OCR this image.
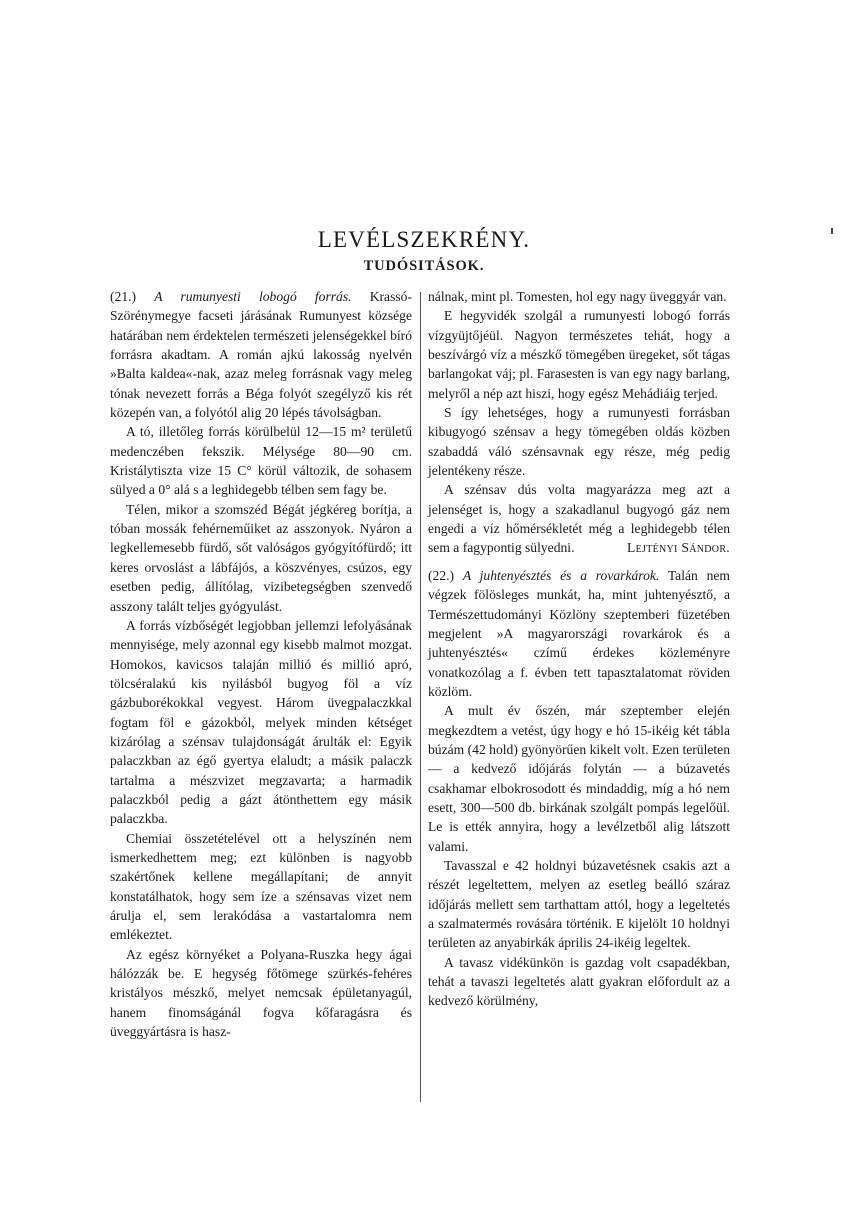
LEVÉLSZEKRÉNY.
TUDÓSITÁSOK.

(21.) A rumunyesti lobogó forrás. Krassó-Szörénymegye facseti járásának Rumunyest községe határában nem érdektelen természeti jelenségekkel bíró forrásra akadtam. A román ajkú lakosság nyelvén »Balta kaldea«-nak, azaz meleg forrásnak vagy meleg tónak nevezett forrás a Béga folyót szegélyző kis rét közepén van, a folyótól alig 20 lépés távolságban.

A tó, illetőleg forrás körülbelül 12—15 m² területű medenczében fekszik. Mélysége 80—90 cm. Kristálytiszta vize 15 C° körül változik, de sohasem sülyed a 0° alá s a leghidegebb télben sem fagy be.

Télen, mikor a szomszéd Bégát jégkéreg borítja, a tóban mossák fehérneműiket az asszonyok. Nyáron a legkellemesebb fürdő, sőt valóságos gyógyítófürdő; itt keres orvoslást a lábfájós, a köszvényes, csúzos, egy esetben pedig, állítólag, vizibetegségben szenvedő asszony talált teljes gyógyulást.

A forrás vízbőségét legjobban jellemzi lefolyásának mennyisége, mely azonnal egy kisebb malmot mozgat. Homokos, kavicsos talaján millió és millió apró, tölcséralakú kis nyilásból bugyog föl a víz gázbuborékokkal vegyest. Három üvegpalaczkkal fogtam föl e gázokból, melyek minden kétséget kizárólag a szénsav tulajdonságát árulták el: Egyik palaczkban az égő gyertya elaludt; a másik palaczk tartalma a mészvizet megzavarta; a harmadik palaczkból pedig a gázt átönthettem egy másik palaczkba.

Chemiai összetételével ott a helyszínén nem ismerkedhettem meg; ezt különben is nagyobb szakértőnek kellene megállapítani; de annyit konstatálhatok, hogy sem íze a szénsavas vizet nem árulja el, sem lerakódása a vastartalomra nem emlékeztet.

Az egész környéket a Polyana-Ruszka hegy ágai hálózzák be. E hegység főtömege szürkés-fehéres kristályos mészkő, melyet nemcsak épületanyagúl, hanem finomságánál fogva kőfaragásra és üveggyártásra is hasz-

nálnak, mint pl. Tomesten, hol egy nagy üveggyár van.

E hegyvidék szolgál a rumunyesti lobogó forrás vízgyüjtőjéül. Nagyon természetes tehát, hogy a beszívárgó víz a mészkő tömegében üregeket, sőt tágas barlangokat váj; pl. Farasesten is van egy nagy barlang, melyről a nép azt hiszi, hogy egész Mehádiáig terjed.

S így lehetséges, hogy a rumunyesti forrásban kibugyogó szénsav a hegy tömegében oldás közben szabaddá váló szénsavnak egy része, még pedig jelentékeny része.

A szénsav dús volta magyarázza meg azt a jelenséget is, hogy a szakadlanul bugyogó gáz nem engedi a víz hőmérsékletét még a leghidegebb télen sem a fagypontig sülyedni.	Lejtényi Sándor.

(22.) A juhtenyésztés és a rovarkárok. Talán nem végzek fölösleges munkát, ha, mint juhtenyésztő, a Természettudományi Közlöny szeptemberi füzetében megjelent »A magyarországi rovarkárok és a juhtenyésztés« czímű érdekes közleményre vonatkozólag a f. évben tett tapasztalatomat röviden közlöm.

A mult év őszén, már szeptember elején megkezdtem a vetést, úgy hogy e hó 15-ikéig két tábla búzám (42 hold) gyönyörűen kikelt volt. Ezen területen — a kedvező időjárás folytán — a búzavetés csakhamar elbokrosodott és mindaddig, míg a hó nem esett, 300—500 db. birkának szolgált pompás legelőül. Le is ették annyira, hogy a levélzetből alig látszott valami.

Tavasszal e 42 holdnyi búzavetésnek csakis azt a részét legeltettem, melyen az esetleg beálló száraz időjárás mellett sem tarthattam attól, hogy a legeltetés a szalmatermés rovására történik. E kijelölt 10 holdnyi területen az anyabirkák április 24-ikéig legeltek.

A tavasz vidékünkön is gazdag volt csapadékban, tehát a tavaszi legeltetés alatt gyakran előfordult az a kedvező körülmény,
